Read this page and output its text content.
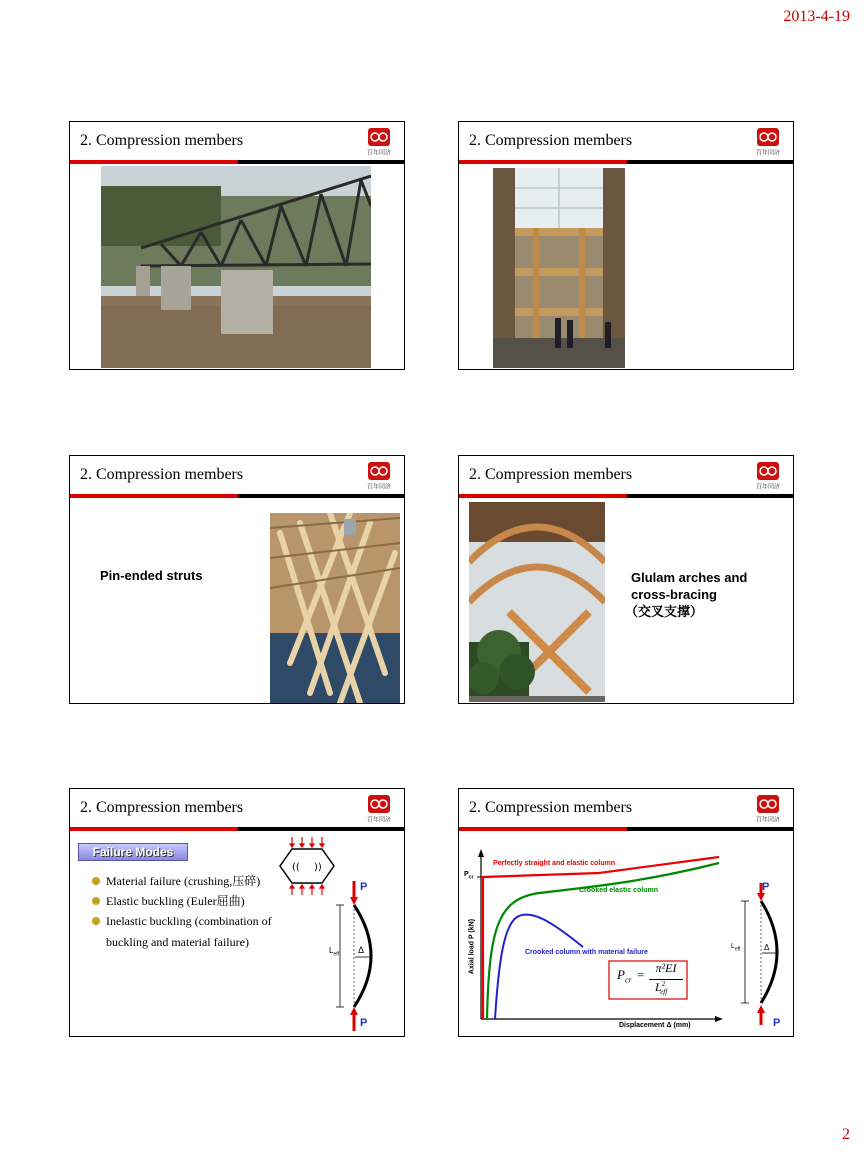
2013-4-19
2. Compression members
百年同济
2. Compression members
百年同济
2. Compression members
百年同济
Pin-ended struts
2. Compression members
百年同济
Glulam arches and
cross-bracing
（交叉支撑）
2. Compression members
百年同济
Failure Modes
Material failure (crushing,压碎)
Elastic buckling (Euler屈曲)
Inelastic buckling (combination of
buckling and material failure)
(( ))
P
P
$L_{eff}$ Δ
2. Compression members
百年同济
Axial load P (kN)
Displacement Δ (mm)
$P_{cr}$
Perfectly straight and elastic column
Crooked elastic column
Crooked column with material failure
$P_{cr} = \pi^2EI$
$L^2_{eff}$
P
P
$L_{eff}$	Δ
2
